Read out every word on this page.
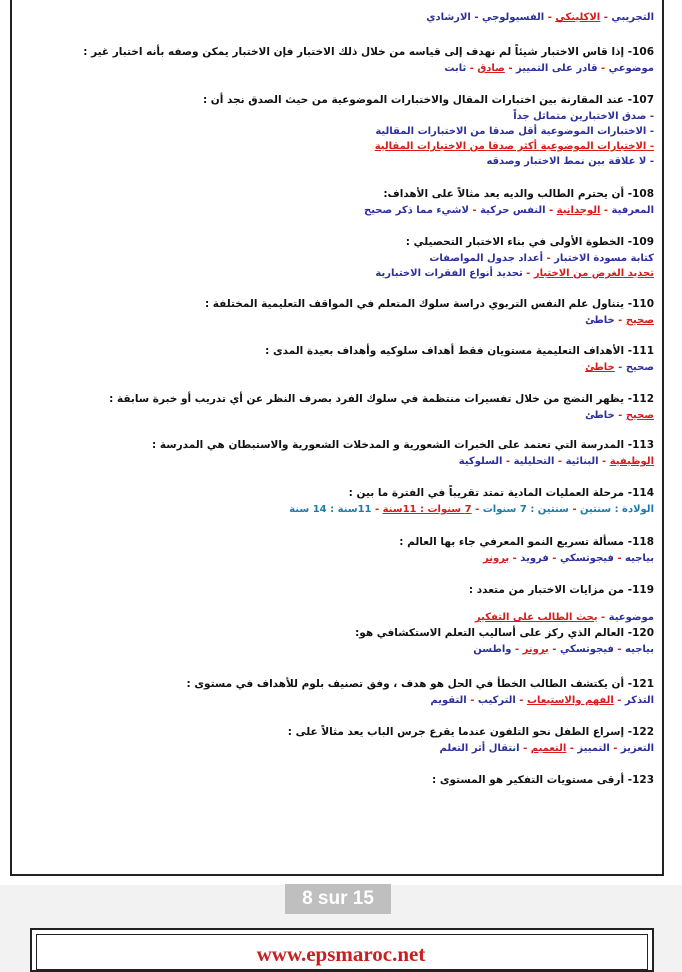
التجريبي - الاكلينكي - الفسيولوجي - الارشادي
106- إذا قاس الاختبار شيئاً لم نهدف إلى قياسه من خلال ذلك الاختبار فإن الاختبار يمكن وصفه بأنه اختبار غير :
موضوعي - قادر على التمييز - صادق - ثابت
107- عند المقارنة بين اختبارات المقال والاختبارات الموضوعية من حيث الصدق نجد أن :
- صدق الاختبارين متماثل جداً
- الاختبارات الموضوعية أقل صدقا من الاختبارات المقالية
- الاختبارات الموضوعية أكثر صدقا من الاختبارات المقالية
- لا علاقة بين نمط الاختبار وصدقه
108- أن يحترم الطالب والديه يعد مثالاً على الأهداف:
المعرفية - الوجدانية - النفس حركية - لاشيء مما ذكر صحيح
109- الخطوة الأولى في بناء الاختبار التحصيلي :
كتابة مسودة الاختبار - أعداد جدول المواصفات
تحديد الغرض من الاختبار - تحديد أنواع الفقرات الاختبارية
110- يتناول علم النفس التربوي دراسة سلوك المتعلم في المواقف التعليمية المختلفة :
صحيح - خاطئ
111- الأهداف التعليمية مستويان فقط أهداف سلوكيه وأهداف بعيدة المدى :
صحيح - خاطئ
112- يظهر النضج من خلال تفسيرات منتظمة في سلوك الفرد بصرف النظر عن أي تدريب أو خبرة سابقة :
صحيح - خاطئ
113- المدرسة التي تعتمد على الخبرات الشعورية و المدخلات الشعورية والاستبطان هي المدرسة :
الوظيفية - البنائية - التحليلية - السلوكية
114- مرحلة العمليات المادية تمتد تقريباً في الفترة ما بين :
الولادة : سنتين - سنتين : 7 سنوات - 7 سنوات : 11سنة - 11سنة : 14 سنة
118- مسألة تسريع النمو المعرفي جاء بها العالم :
بياجيه - فيجوتسكي - فرويد - برونر
119- من مزايات الاختبار من متعدد :
موضوعية - يحث الطالب على التفكير
120- العالم الذي ركز على أساليب التعلم الاستكشافي هو:
بياجيه - فيجوتسكي - برونر - واطسن
121- أن يكتشف الطالب الخطأ في الحل هو هدف ، وفق تصنيف بلوم للأهداف في مستوى :
التذكر - الفهم والاستيعاب - التركيب - التقويم
122- إسراع الطفل نحو التلفون عندما يقرع جرس الباب يعد مثالاً على :
التعزيز - التمييز - التعميم - انتقال أثر التعلم
123- أرقى مستويات التفكير هو المستوى :
8 sur 15
www.epsmaroc.net
